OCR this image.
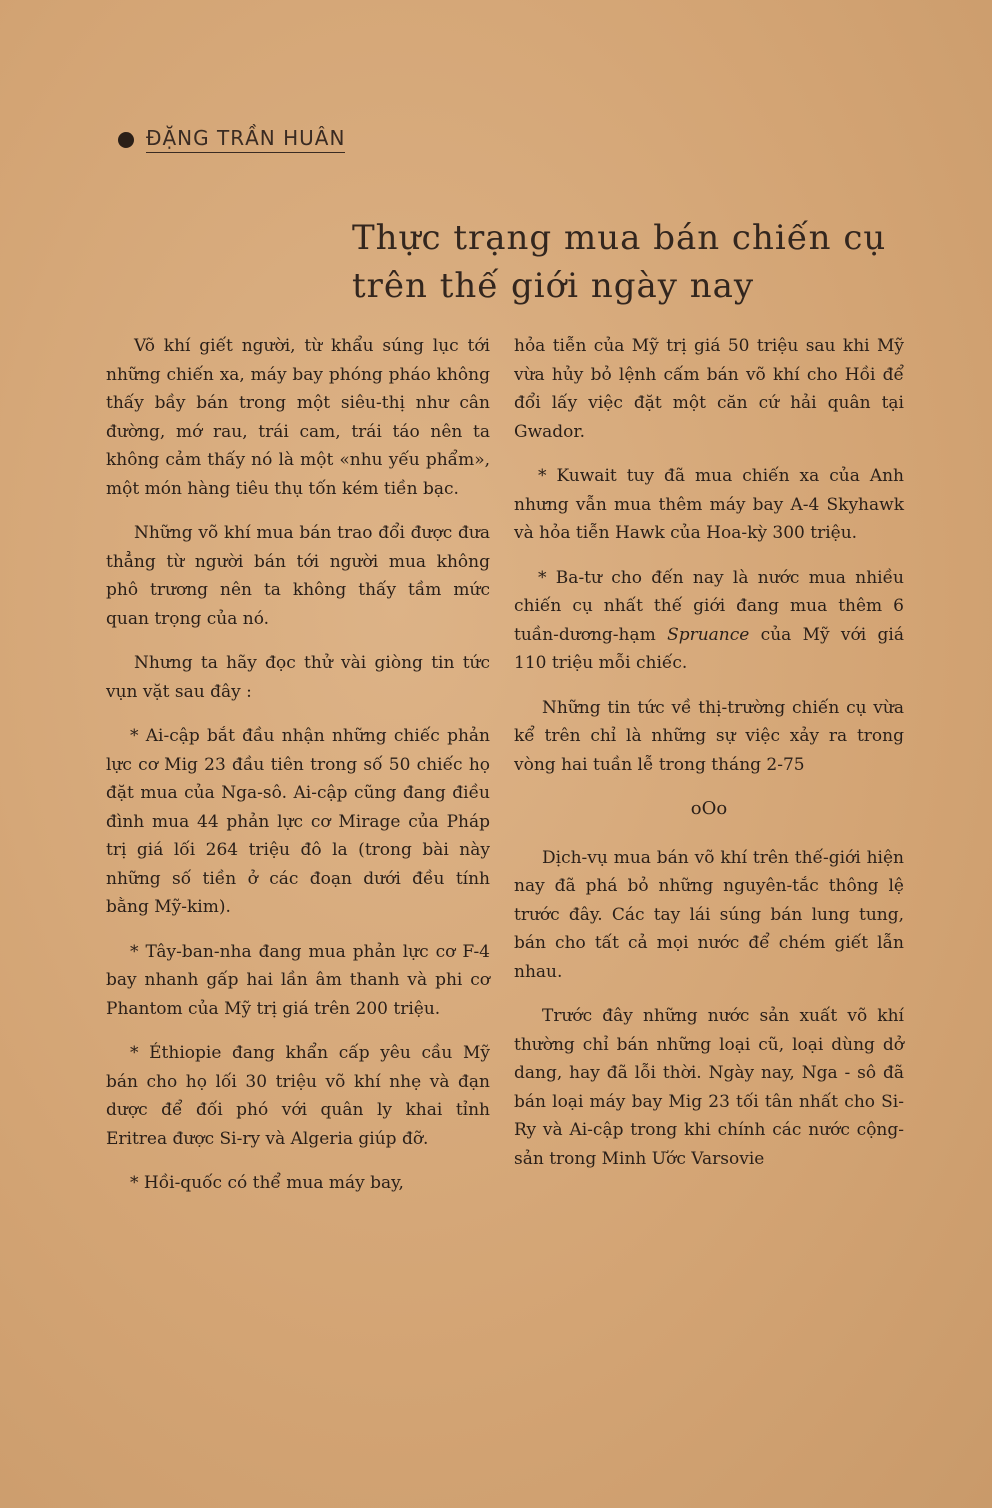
ĐẶNG TRẦN HUÂN
Thực trạng mua bán chiến cụ
trên thế giới ngày nay

Võ khí giết người, từ khẩu súng lục tới những chiến xa, máy bay phóng pháo không thấy bầy bán trong một siêu-thị như cân đường, mớ rau, trái cam, trái táo nên ta không cảm thấy nó là một «nhu yếu phẩm», một món hàng tiêu thụ tốn kém tiền bạc.

Những võ khí mua bán trao đổi được đưa thẳng từ người bán tới người mua không phô trương nên ta không thấy tầm mức quan trọng của nó.

Nhưng ta hãy đọc thử vài giòng tin tức vụn vặt sau đây :

* Ai-cập bắt đầu nhận những chiếc phản lực cơ Mig 23 đầu tiên trong số 50 chiếc họ đặt mua của Nga-sô. Ai-cập cũng đang điều đình mua 44 phản lực cơ Mirage của Pháp trị giá lối 264 triệu đô la (trong bài này những số tiền ở các đoạn dưới đều tính bằng Mỹ-kim).

* Tây-ban-nha đang mua phản lực cơ F-4 bay nhanh gấp hai lần âm thanh và phi cơ Phantom của Mỹ trị giá trên 200 triệu.

* Éthiopie đang khẩn cấp yêu cầu Mỹ bán cho họ lối 30 triệu võ khí nhẹ và đạn dược để đối phó với quân ly khai tỉnh Eritrea được Si-ry và Algeria giúp đỡ.

* Hồi-quốc có thể mua máy bay,

hỏa tiễn của Mỹ trị giá 50 triệu sau khi Mỹ vừa hủy bỏ lệnh cấm bán võ khí cho Hồi để đổi lấy việc đặt một căn cứ hải quân tại Gwador.

* Kuwait tuy đã mua chiến xa của Anh nhưng vẫn mua thêm máy bay A-4 Skyhawk và hỏa tiễn Hawk của Hoa-kỳ 300 triệu.

* Ba-tư cho đến nay là nước mua nhiều chiến cụ nhất thế giới đang mua thêm 6 tuần-dương-hạm Spruance của Mỹ với giá 110 triệu mỗi chiếc.

Những tin tức về thị-trường chiến cụ vừa kể trên chỉ là những sự việc xảy ra trong vòng hai tuần lễ trong tháng 2-75

oOo

Dịch-vụ mua bán võ khí trên thế-giới hiện nay đã phá bỏ những nguyên-tắc thông lệ trước đây. Các tay lái súng bán lung tung, bán cho tất cả mọi nước để chém giết lẫn nhau.

Trước đây những nước sản xuất võ khí thường chỉ bán những loại cũ, loại dùng dở dang, hay đã lỗi thời. Ngày nay, Nga - sô đã bán loại máy bay Mig 23 tối tân nhất cho Si-Ry và Ai-cập trong khi chính các nước cộng-sản trong Minh Ước Varsovie
